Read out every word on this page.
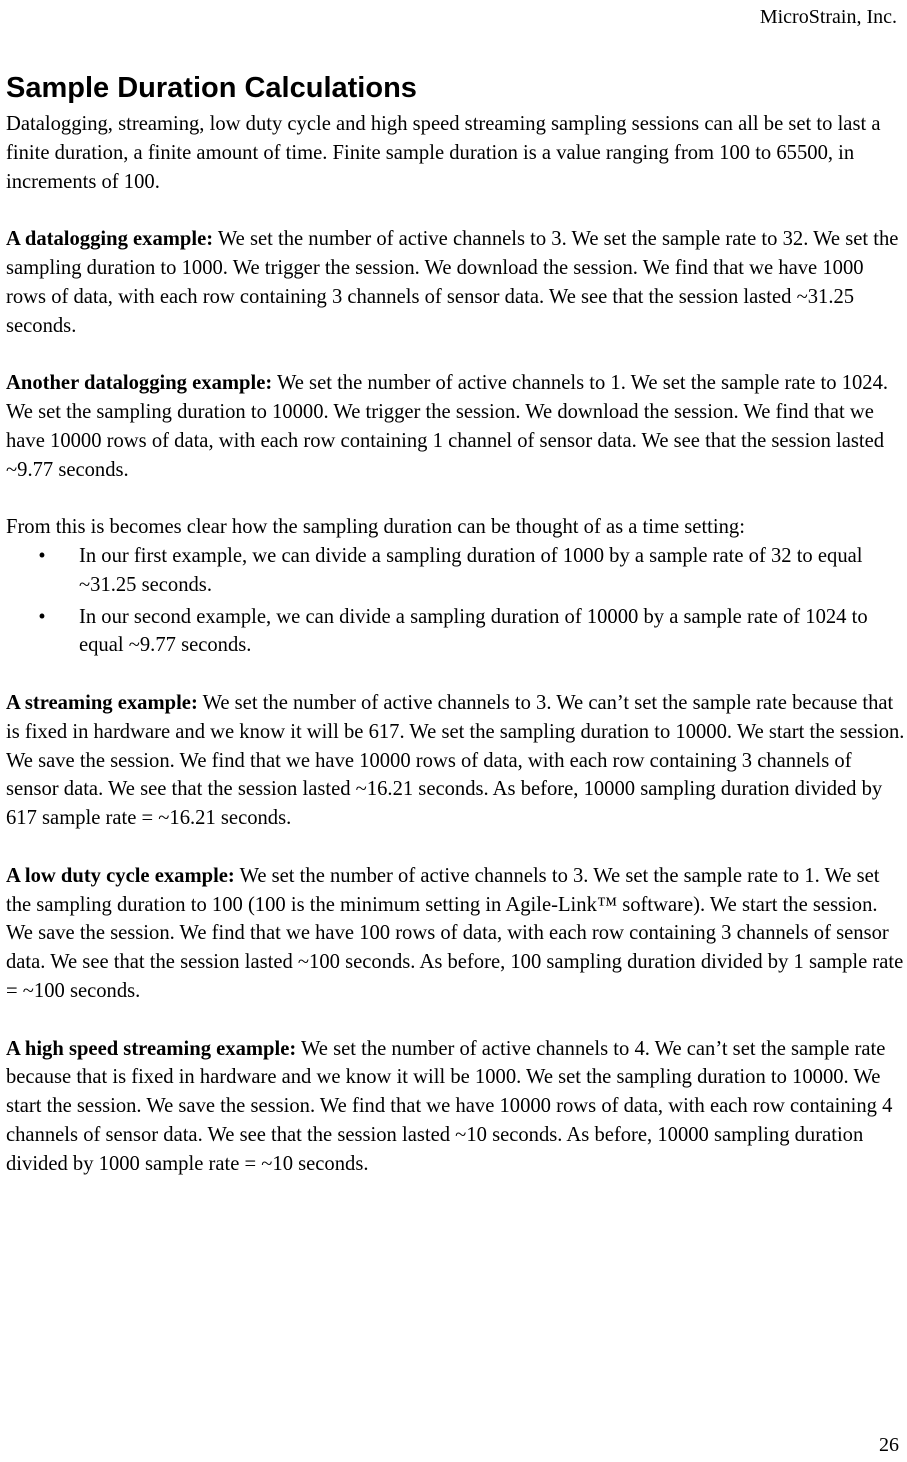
MicroStrain, Inc.
Sample Duration Calculations

Datalogging, streaming, low duty cycle and high speed streaming sampling sessions can all be set to last a finite duration, a finite amount of time. Finite sample duration is a value ranging from 100 to 65500, in increments of 100.

A datalogging example: We set the number of active channels to 3. We set the sample rate to 32. We set the sampling duration to 1000. We trigger the session. We download the session. We find that we have 1000 rows of data, with each row containing 3 channels of sensor data. We see that the session lasted ~31.25 seconds.

Another datalogging example: We set the number of active channels to 1. We set the sample rate to 1024. We set the sampling duration to 10000. We trigger the session. We download the session. We find that we have 10000 rows of data, with each row containing 1 channel of sensor data. We see that the session lasted ~9.77 seconds.

From this is becomes clear how the sampling duration can be thought of as a time setting:

• In our first example, we can divide a sampling duration of 1000 by a sample rate of 32 to equal ~31.25 seconds.
• In our second example, we can divide a sampling duration of 10000 by a sample rate of 1024 to equal ~9.77 seconds.

A streaming example: We set the number of active channels to 3. We can’t set the sample rate because that is fixed in hardware and we know it will be 617. We set the sampling duration to 10000. We start the session. We save the session. We find that we have 10000 rows of data, with each row containing 3 channels of sensor data. We see that the session lasted ~16.21 seconds. As before, 10000 sampling duration divided by 617 sample rate = ~16.21 seconds.

A low duty cycle example: We set the number of active channels to 3. We set the sample rate to 1. We set the sampling duration to 100 (100 is the minimum setting in Agile-Link™ software). We start the session. We save the session. We find that we have 100 rows of data, with each row containing 3 channels of sensor data. We see that the session lasted ~100 seconds. As before, 100 sampling duration divided by 1 sample rate = ~100 seconds.

A high speed streaming example: We set the number of active channels to 4. We can’t set the sample rate because that is fixed in hardware and we know it will be 1000. We set the sampling duration to 10000. We start the session. We save the session. We find that we have 10000 rows of data, with each row containing 4 channels of sensor data. We see that the session lasted ~10 seconds. As before, 10000 sampling duration divided by 1000 sample rate = ~10 seconds.

26
